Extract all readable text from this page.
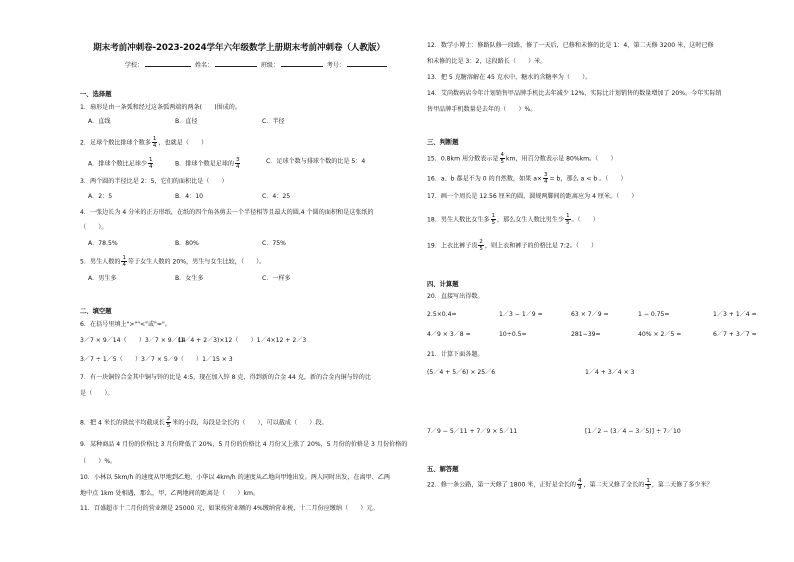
期末考前冲刺卷-2023-2024学年六年级数学上册期末考前冲刺卷（人教版）
学校：	姓名：	班级：	考号：
一、选择题
1．扇形是由一条弧和经过这条弧两端的两条(　　)围成的。
A．直线	B．直径	C．半径
2．足球个数比排球个数多 $\frac{1}{4}$ ，也就是（　　）
A．排球个数比足球少 $\frac{1}{4}$	B．排球个数是足球的 $\frac{3}{4}$	C．足球个数与排球个数的比是 5：4
3．两个圆的半径比是 2：5，它们的面积比是（　　）
A．2：5	B．4：10	C．4：25
4．一张边长为 4 分米的正方形纸，在纸的四个角各剪去一个半径相等且最大的圆,4 个圆的面积和是这张纸的
（　　）。
A．78.5%	B．80%	C．75%
5．男生人数的 $\frac{1}{4}$ 等于女生人数的 20%，男生与女生比较，（　　）。
A．男生多	B．女生多	C．一样多
二、填空题
6．在括号里填上">""<"或"="。
3／7 × 9／14（　　）3／7 × 9／14
(1／4 + 2／3)×12（　　）1／4×12 + 2／3
3／7 ÷ 1／5（　　）3／7 × 5／9（　　）1／15 × 3
7．有一块铜锌合金其中铜与锌的比是 4:5，现在加入锌 8 克，得到新的合金 44 克，新的合金内铜与锌的比
是（　　）。
8．把 4 米长的铁丝平均截成长 $\frac{2}{5}$ 米的小段，每段是全长的（　　），可以截成（　　）段。
9．某种商品 4 月份的价格比 3 月份降低了 20%，5 月份的价格比 4 月份又上涨了 20%，5 月份的价格是 3 月份价格的
（　　）%。
10．小林以 5km/h 的速度从甲地到乙地，小华以 4km/h 的速度从乙地向甲地出发。两人同时出发，在离甲、乙两
地中点 1km 处相遇，那么，甲、乙两地间的距离是（　　）km。
11．百盛超市十二月份的营业额是 25000 元，如果按营业额的 4%缴纳营业税，十二月份应缴纳（　　）元。
12．数学小博士：修路队修一段路，修了一天后，已修和未修的比是 1：4，第二天修 3200 米，这时已修
和未修的比是 3：2，这段路长（　　）米。
13．把 5 克糖溶解在 45 克水中，糖水的含糖率为（　　）。
14．艾尚数码店今年计划销售甲品牌手机比去年减少 12%，实际比计划销售的数量增加了 20%。今年实际销
售甲品牌手机数量是去年的（　　）%。
三、判断题
15．0.8km 用分数表示是 $\frac{4}{5}$ km，用百分数表示是 80%km。（　　）
16．a、b 都是不为 0 的自然数，如果 $a\times \frac{3}{4} = b$，那么 a < b 。（　　）
17．画一个周长是 12.56 厘米的圆，圆规两脚间的距离应为 4 厘米。（　　）
18．男生人数比女生多 $\frac{1}{5}$ ，那么女生人数比男生少 $\frac{1}{5}$ 。（　　）
19．上衣比裤子贵 $\frac{2}{5}$ ，则上衣和裤子的价格比是 7:2。（　　）
四、计算题
20．直接写出得数。
2.5×0.4=	1／3 − 1／9 =	63 × 7／9 =	1 − 0.75=	1／3 + 1／4 =
4／9 × 3／8 =	10÷0.5=	281−39=	40% × 2／5 =	6／7 + 3／7 =
21．计算下面各题。
(5／4 + 5／6) × 25／6	1／4 + 3／4 × 3
7／9 − 5／11 + 7／9 × 5／11	[1／2 − (3／4 − 3／5)] ÷ 7／10
五、解答题
22．修一条公路，第一天修了 1800 米，正好是全长的 $\frac{4}{9}$ ，第二天又修了全长的 $\frac{1}{3}$ ，第二天修了多少米？
